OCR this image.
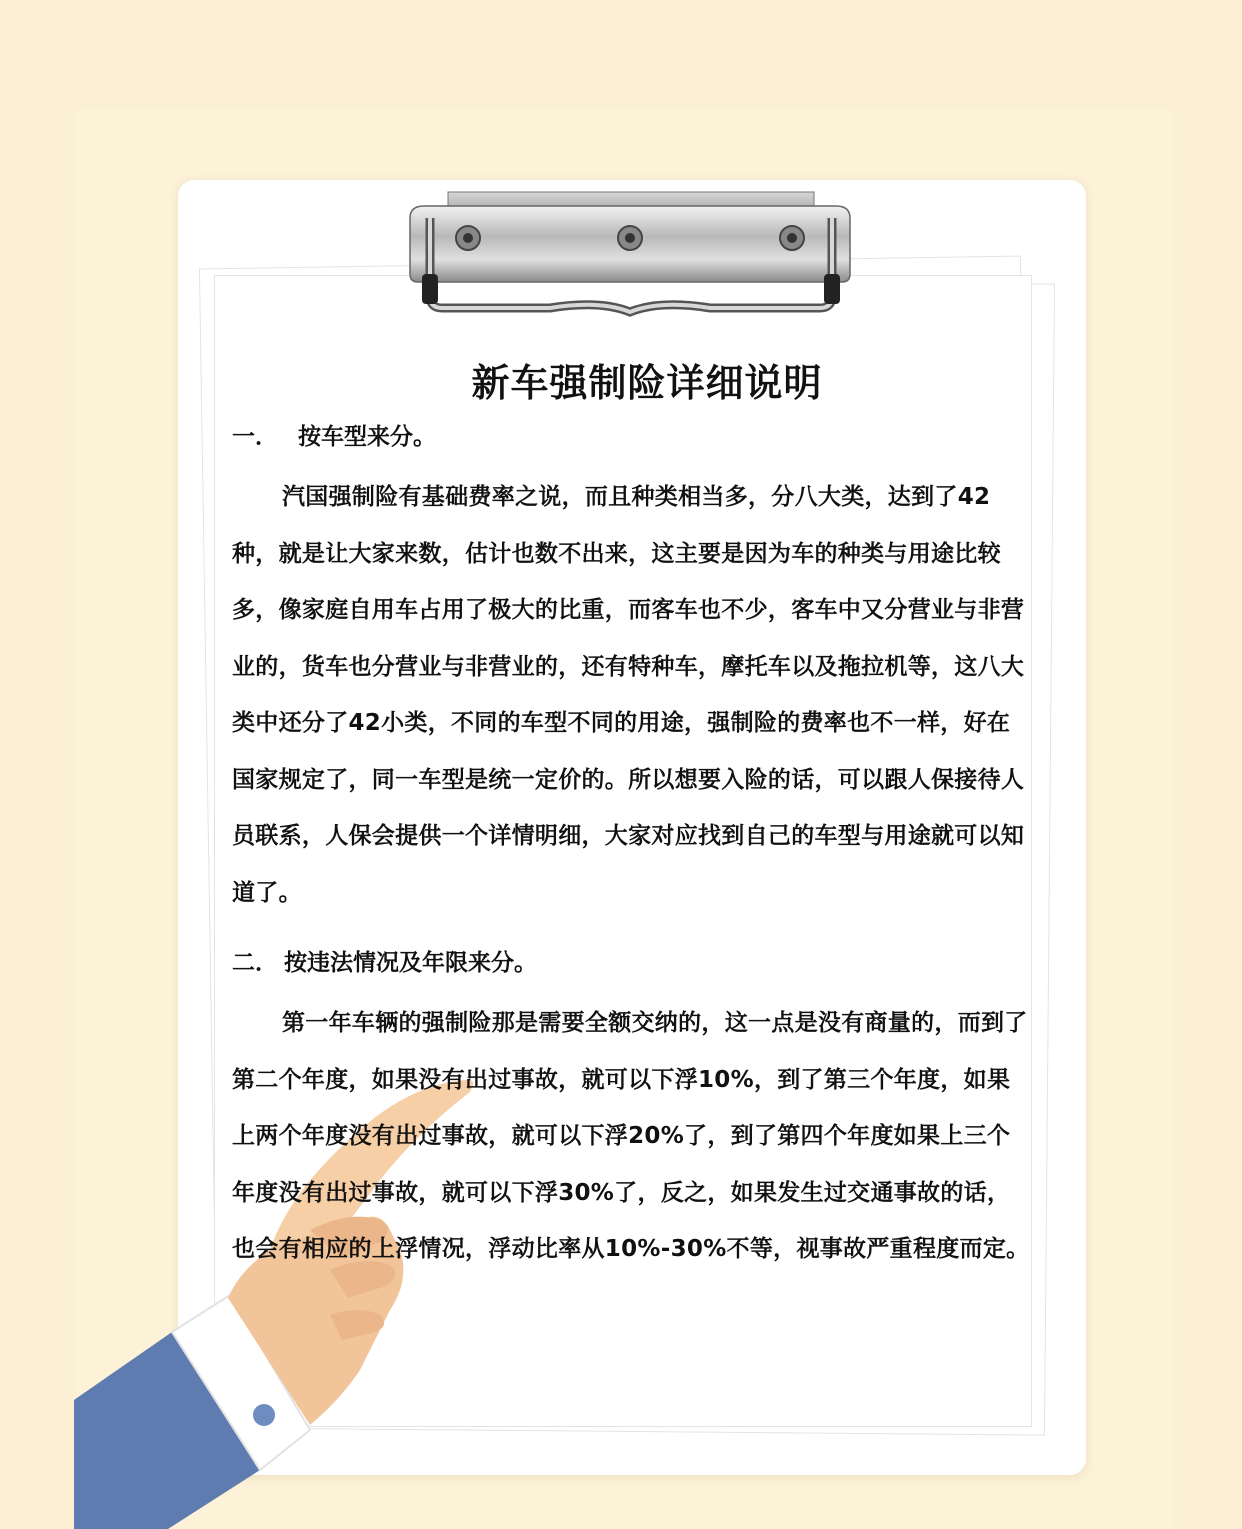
新车强制险详细说明
一． 按车型来分。

汽国强制险有基础费率之说，而且种类相当多，分八大类，达到了42种，就是让大家来数，估计也数不出来，这主要是因为车的种类与用途比较多，像家庭自用车占用了极大的比重，而客车也不少，客车中又分营业与非营业的，货车也分营业与非营业的，还有特种车，摩托车以及拖拉机等，这八大类中还分了42小类，不同的车型不同的用途，强制险的费率也不一样，好在国家规定了，同一车型是统一定价的。所以想要入险的话，可以跟人保接待人员联系，人保会提供一个详情明细，大家对应找到自己的车型与用途就可以知道了。

二． 按违法情况及年限来分。

第一年车辆的强制险那是需要全额交纳的，这一点是没有商量的，而到了第二个年度，如果没有出过事故，就可以下浮10%，到了第三个年度，如果上两个年度没有出过事故，就可以下浮20%了，到了第四个年度如果上三个年度没有出过事故，就可以下浮30%了，反之，如果发生过交通事故的话，也会有相应的上浮情况，浮动比率从10%-30%不等，视事故严重程度而定。
